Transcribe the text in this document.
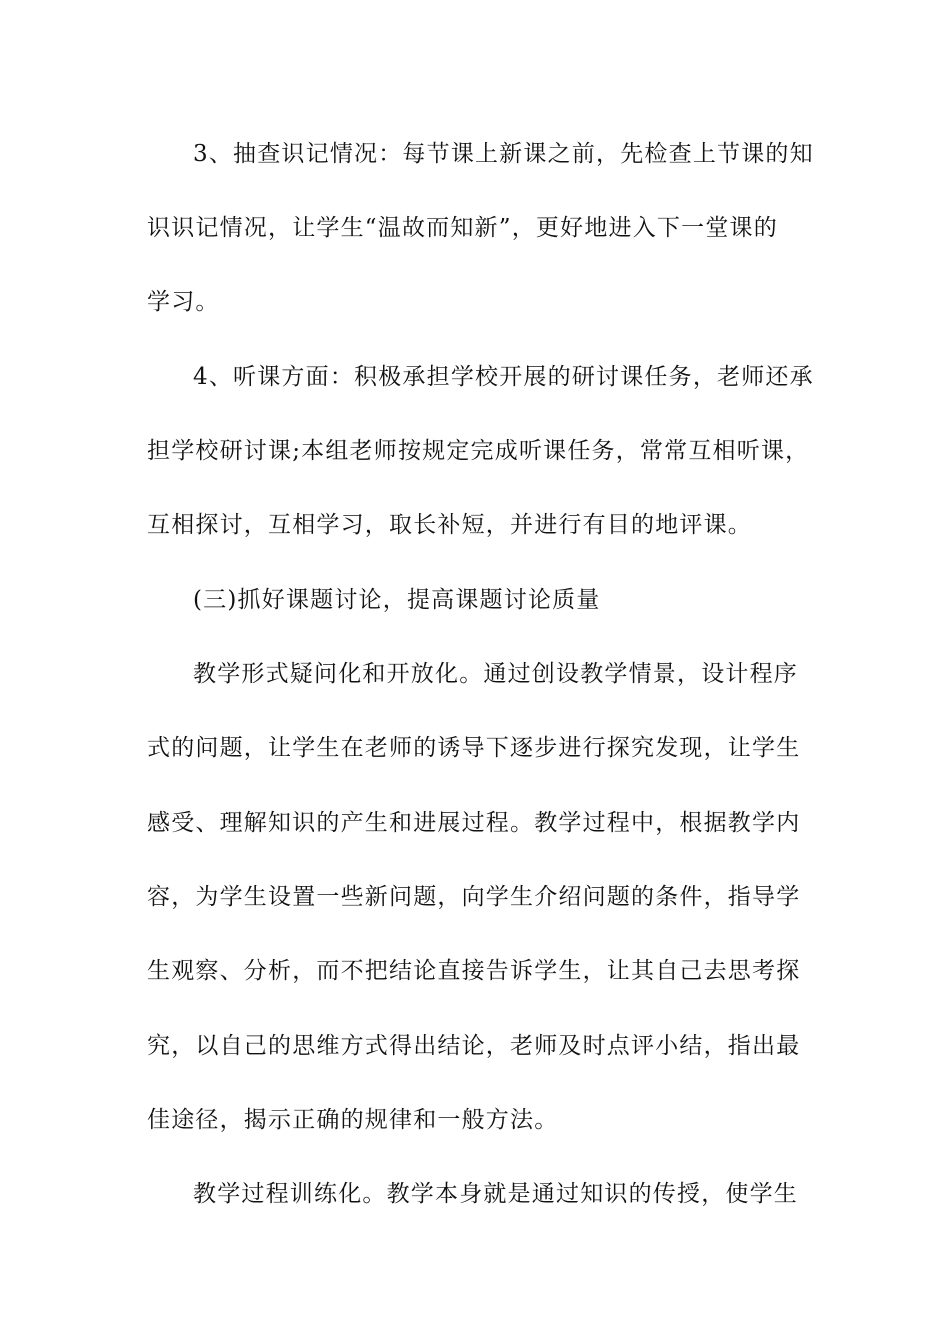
3、抽查识记情况：每节课上新课之前，先检查上节课的知
识识记情况，让学生“温故而知新”，更好地进入下一堂课的
学习。
4、听课方面：积极承担学校开展的研讨课任务，老师还承
担学校研讨课;本组老师按规定完成听课任务，常常互相听课，
互相探讨，互相学习，取长补短，并进行有目的地评课。
(三)抓好课题讨论，提高课题讨论质量
教学形式疑问化和开放化。通过创设教学情景，设计程序
式的问题，让学生在老师的诱导下逐步进行探究发现，让学生
感受、理解知识的产生和进展过程。教学过程中，根据教学内
容，为学生设置一些新问题，向学生介绍问题的条件，指导学
生观察、分析，而不把结论直接告诉学生，让其自己去思考探
究，以自己的思维方式得出结论，老师及时点评小结，指出最
佳途径，揭示正确的规律和一般方法。
教学过程训练化。教学本身就是通过知识的传授，使学生
